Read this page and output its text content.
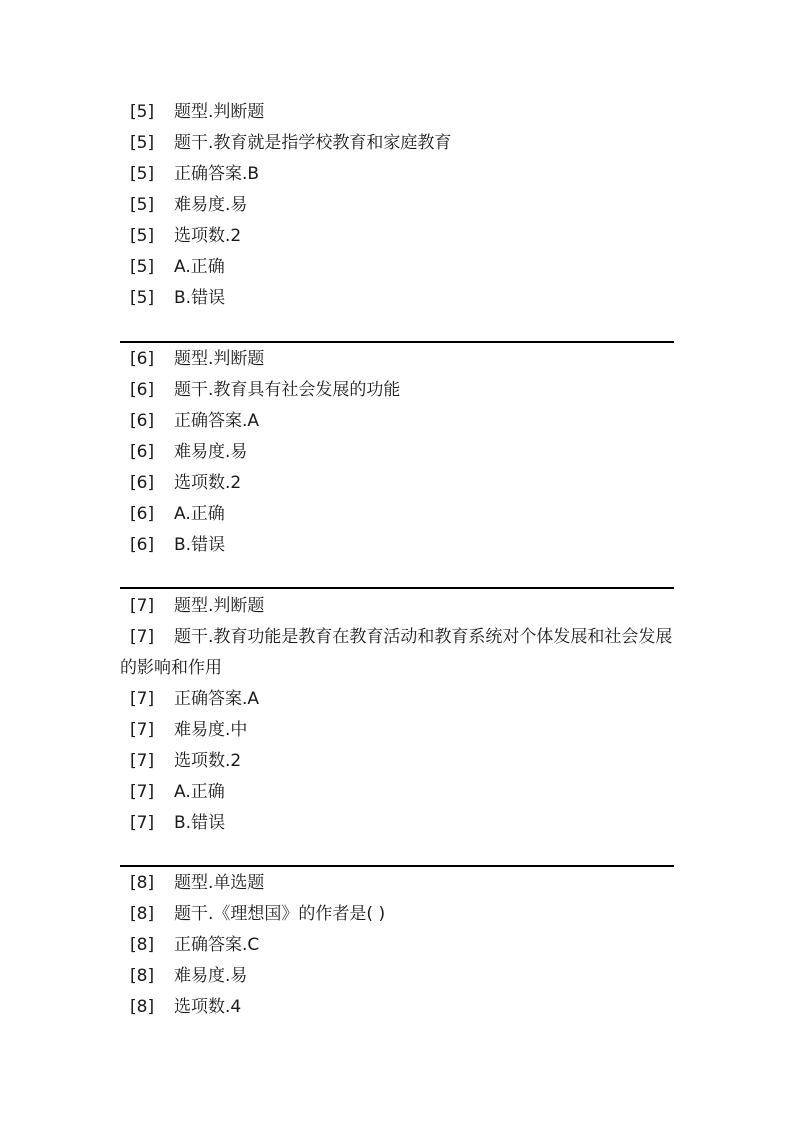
[5] 题型.判断题
[5] 题干.教育就是指学校教育和家庭教育
[5] 正确答案.B
[5] 难易度.易
[5] 选项数.2
[5] A.正确
[5] B.错误
[6] 题型.判断题
[6] 题干.教育具有社会发展的功能
[6] 正确答案.A
[6] 难易度.易
[6] 选项数.2
[6] A.正确
[6] B.错误
[7] 题型.判断题
[7] 题干.教育功能是教育在教育活动和教育系统对个体发展和社会发展的影响和作用
[7] 正确答案.A
[7] 难易度.中
[7] 选项数.2
[7] A.正确
[7] B.错误
[8] 题型.单选题
[8] 题干.《理想国》的作者是( )
[8] 正确答案.C
[8] 难易度.易
[8] 选项数.4
